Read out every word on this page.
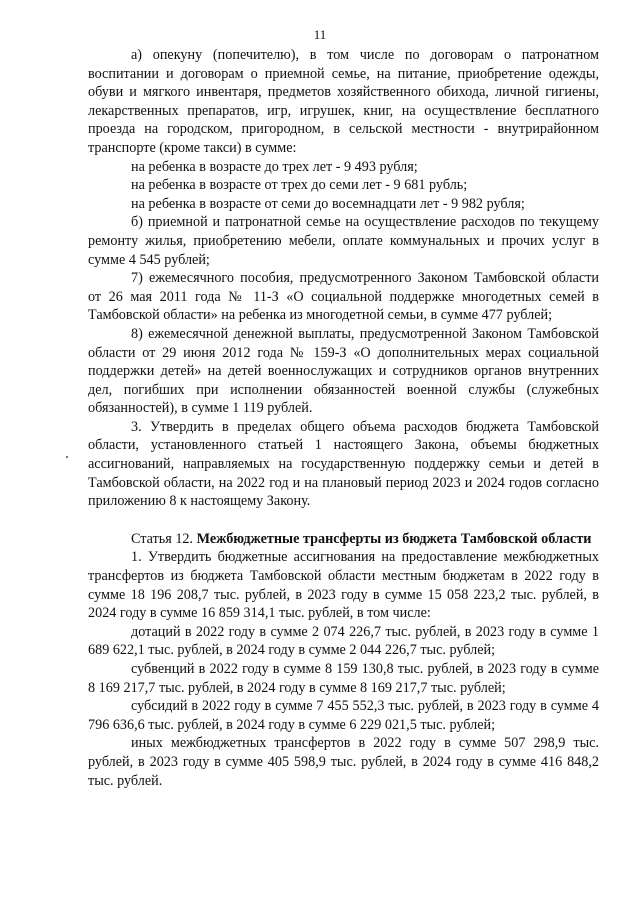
11

а) опекуну (попечителю), в том числе по договорам о патронатном воспитании и договорам о приемной семье, на питание, приобретение одежды, обуви и мягкого инвентаря, предметов хозяйственного обихода, личной гигиены, лекарственных препаратов, игр, игрушек, книг, на осуществление бесплатного проезда на городском, пригородном, в сельской местности - внутрирайонном транспорте (кроме такси) в сумме:

на ребенка в возрасте до трех лет - 9 493 рубля;

на ребенка в возрасте от трех до семи лет - 9 681 рубль;

на ребенка в возрасте от семи до восемнадцати лет - 9 982 рубля;

б) приемной и патронатной семье на осуществление расходов по текущему ремонту жилья, приобретению мебели, оплате коммунальных и прочих услуг в сумме 4 545 рублей;

7) ежемесячного пособия, предусмотренного Законом Тамбовской области от 26 мая 2011 года № 11-З «О социальной поддержке многодетных семей в Тамбовской области» на ребенка из многодетной семьи, в сумме 477 рублей;

8) ежемесячной денежной выплаты, предусмотренной Законом Тамбовской области от 29 июня 2012 года № 159-З «О дополнительных мерах социальной поддержки детей» на детей военнослужащих и сотрудников органов внутренних дел, погибших при исполнении обязанностей военной службы (служебных обязанностей), в сумме 1 119 рублей.

3. Утвердить в пределах общего объема расходов бюджета Тамбовской области, установленного статьей 1 настоящего Закона, объемы бюджетных ассигнований, направляемых на государственную поддержку семьи и детей в Тамбовской области, на 2022 год и на плановый период 2023 и 2024 годов согласно приложению 8 к настоящему Закону.

Статья 12. Межбюджетные трансферты из бюджета Тамбовской области

1. Утвердить бюджетные ассигнования на предоставление межбюджетных трансфертов из бюджета Тамбовской области местным бюджетам в 2022 году в сумме 18 196 208,7 тыс. рублей, в 2023 году в сумме 15 058 223,2 тыс. рублей, в 2024 году в сумме 16 859 314,1 тыс. рублей, в том числе:

дотаций в 2022 году в сумме 2 074 226,7 тыс. рублей, в 2023 году в сумме 1 689 622,1 тыс. рублей, в 2024 году в сумме 2 044 226,7 тыс. рублей;

субвенций в 2022 году в сумме 8 159 130,8 тыс. рублей, в 2023 году в сумме 8 169 217,7 тыс. рублей, в 2024 году в сумме 8 169 217,7 тыс. рублей;

субсидий в 2022 году в сумме 7 455 552,3 тыс. рублей, в 2023 году в сумме 4 796 636,6 тыс. рублей, в 2024 году в сумме 6 229 021,5 тыс. рублей;

иных межбюджетных трансфертов в 2022 году в сумме 507 298,9 тыс. рублей, в 2023 году в сумме 405 598,9 тыс. рублей, в 2024 году в сумме 416 848,2 тыс. рублей.
